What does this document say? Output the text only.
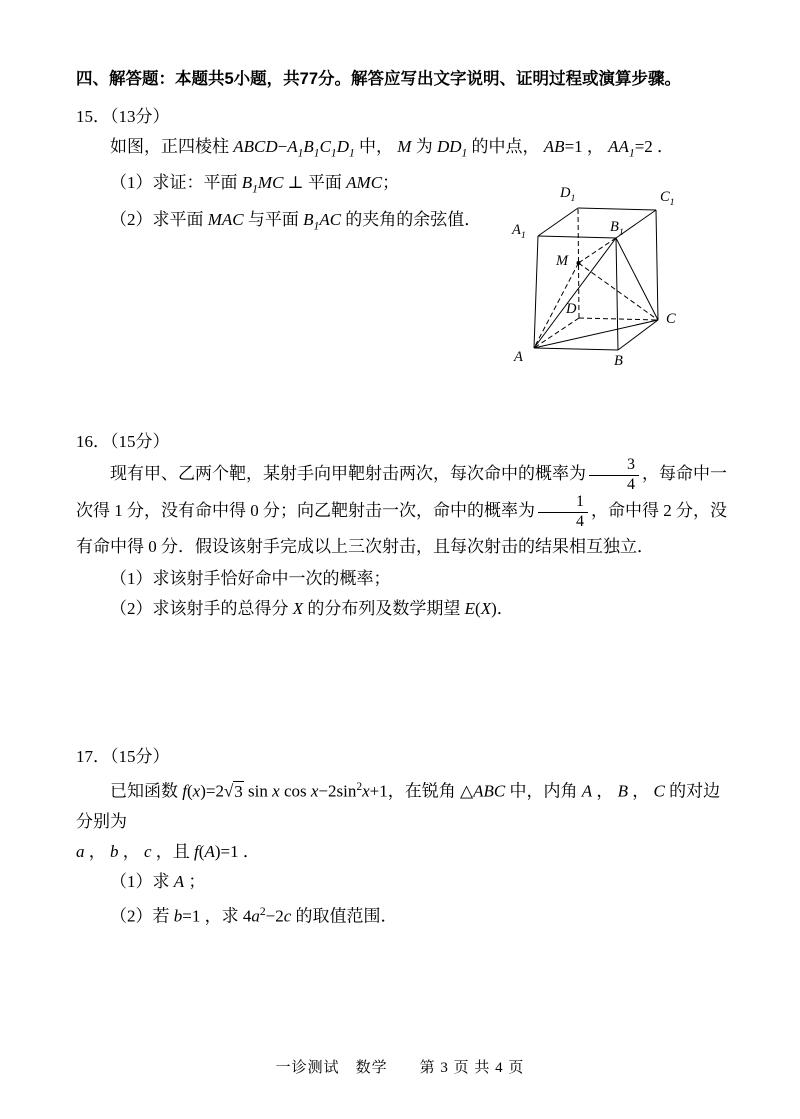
四、解答题：本题共5小题，共77分。解答应写出文字说明、证明过程或演算步骤。

15．（13分）

如图，正四棱柱 $ABCD-A_1B_1C_1D_1$ 中， M 为 $DD_1$ 的中点， AB=1 ， $AA_1=2$ ．

（1）求证：平面 $B_1MC$ ⊥ 平面 AMC；

（2）求平面 MAC 与平面 $B_1AC$ 的夹角的余弦值．

16．（15分）

现有甲、乙两个靶，某射手向甲靶射击两次，每次命中的概率为 $\frac{3}{4}$ ，每命中一次得 1 分，没有命中得 0 分；向乙靶射击一次，命中的概率为 $\frac{1}{4}$ ，命中得 2 分，没有命中得 0 分．假设该射手完成以上三次射击，且每次射击的结果相互独立．

（1）求该射手恰好命中一次的概率；

（2）求该射手的总得分 X 的分布列及数学期望 E(X)．

17．（15分）

已知函数 f(x)=2√3 sin x $\cos x-2\sin^2x+1$，在锐角 △ABC 中，内角 A ， B ， C 的对边分别为

a ， b ， c ，且 f(A)=1 ．

（1）求 A ；

（2）若 b=1 ，求 $4a^2-2c$ 的取值范围．

$D_1$	$C_1$
$A_1$
$B_1$
M
D
C
A	B
一诊测试　数学　　第 3 页 共 4 页
